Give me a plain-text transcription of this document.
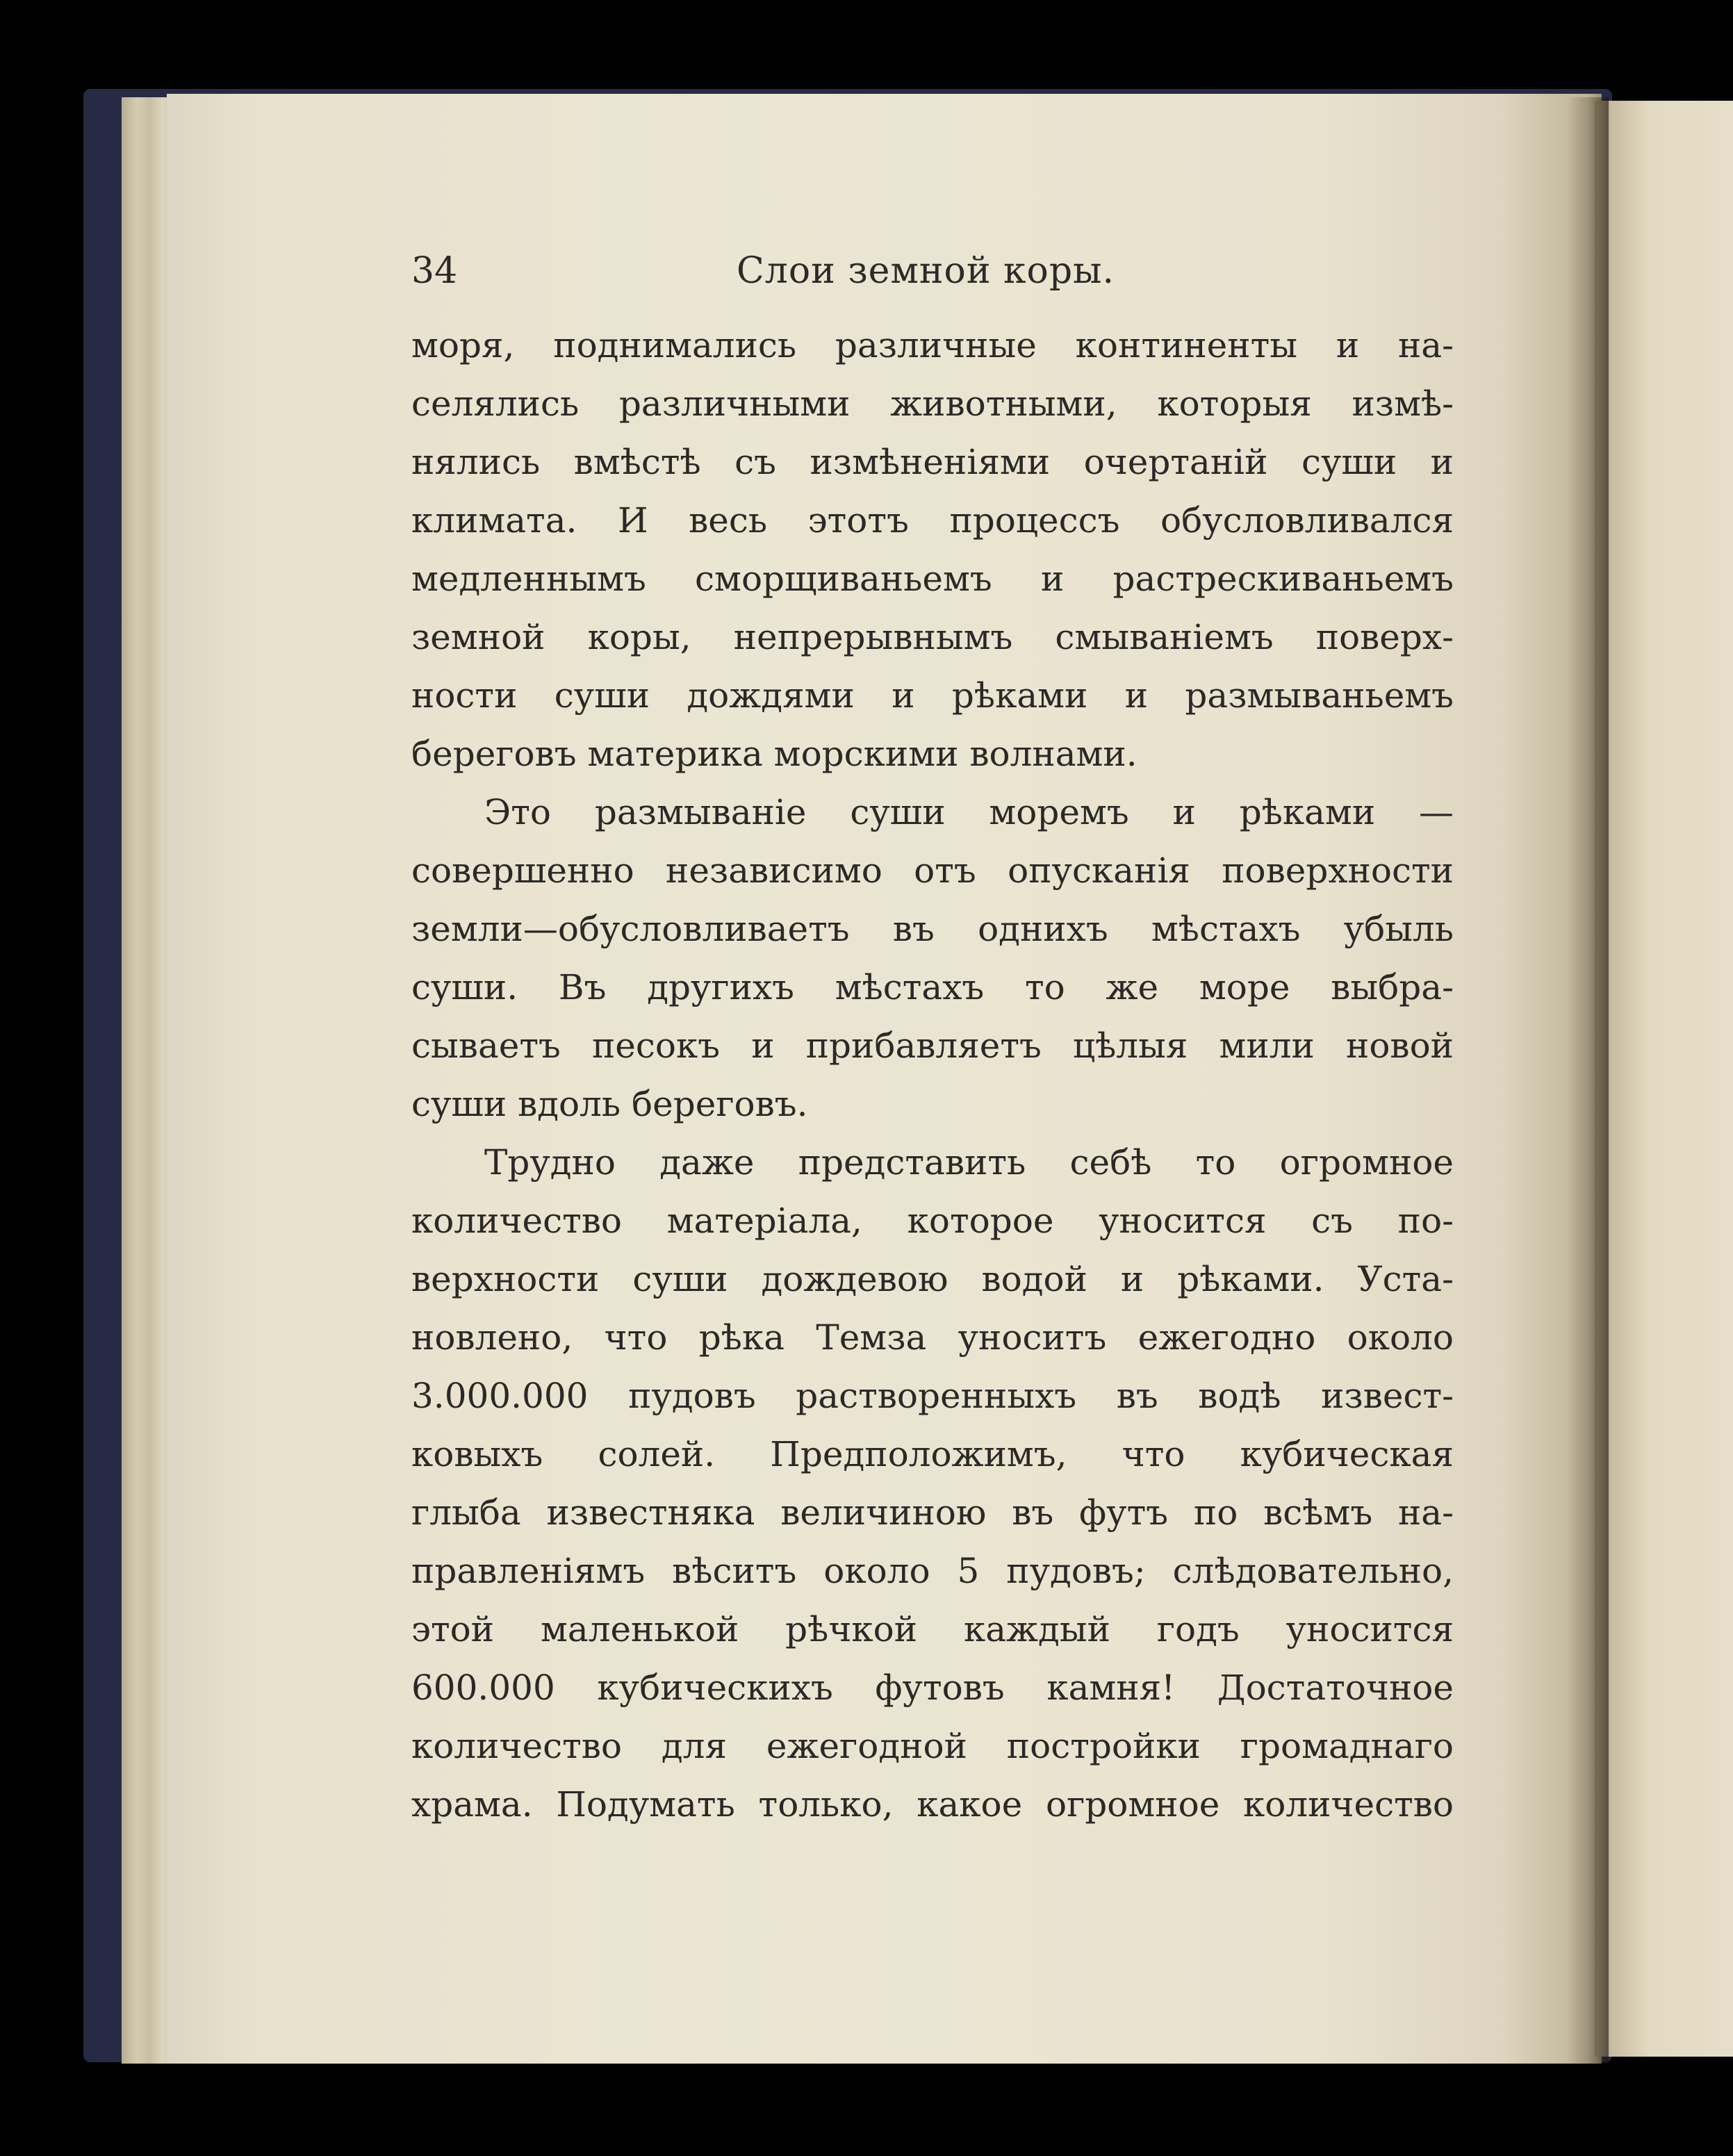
34	Слои земной коры.
моря, поднимались различные континенты и на-
селялись различными животными, которыя измѣ-
нялись вмѣстѣ съ измѣненіями очертаній суши и
климата. И весь этотъ процессъ обусловливался
медленнымъ сморщиваньемъ и растрескиваньемъ
земной коры, непрерывнымъ смываніемъ поверх-
ности суши дождями и рѣками и размываньемъ
береговъ материка морскими волнами.
Это размываніе суши моремъ и рѣками —
совершенно независимо отъ опусканія поверхности
земли—обусловливаетъ въ однихъ мѣстахъ убыль
суши. Въ другихъ мѣстахъ то же море выбра-
сываетъ песокъ и прибавляетъ цѣлыя мили новой
суши вдоль береговъ.
Трудно даже представить себѣ то огромное
количество матеріала, которое уносится съ по-
верхности суши дождевою водой и рѣками. Уста-
новлено, что рѣка Темза уноситъ ежегодно около
3.000.000 пудовъ растворенныхъ въ водѣ извест-
ковыхъ солей. Предположимъ, что кубическая
глыба известняка величиною въ футъ по всѣмъ на-
правленіямъ вѣситъ около 5 пудовъ; слѣдовательно,
этой маленькой рѣчкой каждый годъ уносится
600.000 кубическихъ футовъ камня! Достаточное
количество для ежегодной постройки громаднаго
храма. Подумать только, какое огромное количество
